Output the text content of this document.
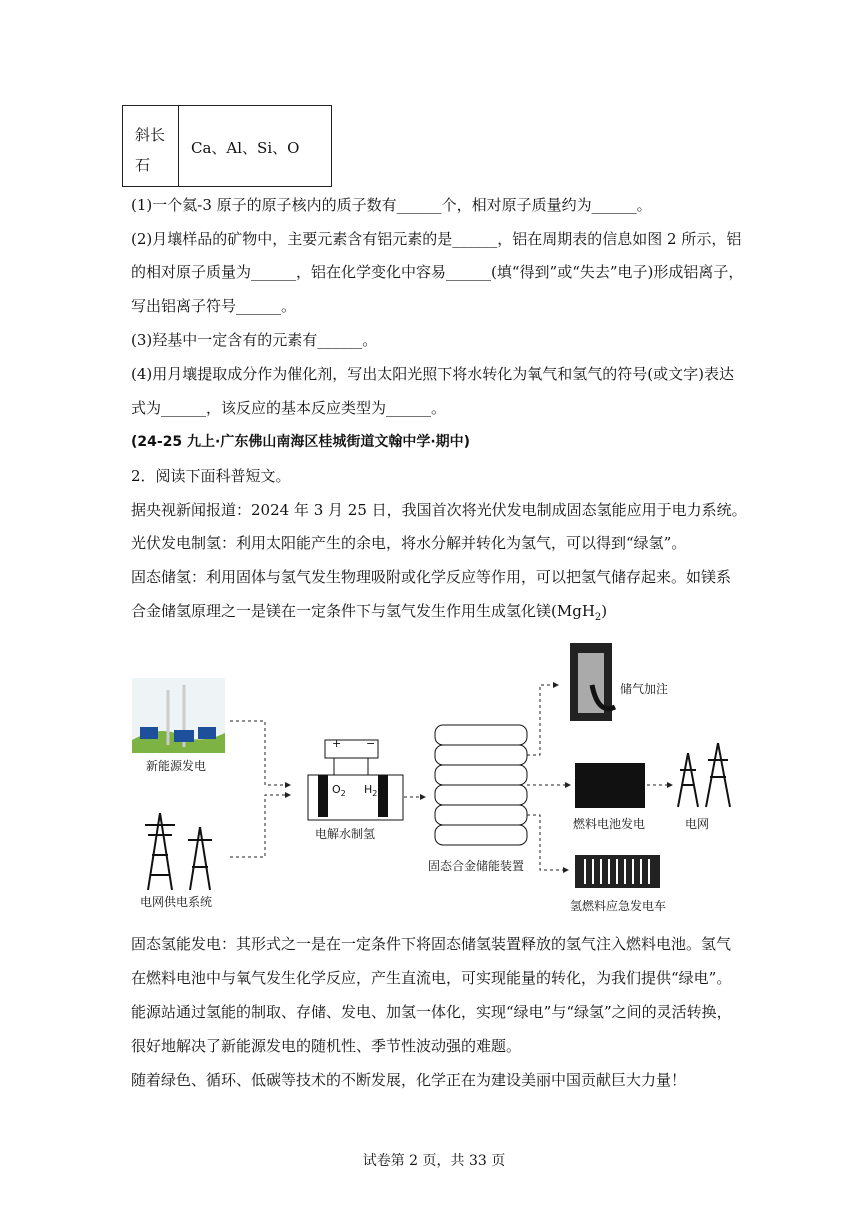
斜长
石
Ca、Al、Si、O
(1)一个氦-3 原子的原子核内的质子数有______个，相对原子质量约为______。
(2)月壤样品的矿物中，主要元素含有铝元素的是______，铝在周期表的信息如图 2 所示，铝
的相对原子质量为______，铝在化学变化中容易______(填“得到”或“失去”电子)形成铝离子，
写出铝离子符号______。
(3)羟基中一定含有的元素有______。
(4)用月壤提取成分作为催化剂，写出太阳光照下将水转化为氧气和氢气的符号(或文字)表达
式为______，该反应的基本反应类型为______。
(24-25 九上·广东佛山南海区桂城街道文翰中学·期中)
2．阅读下面科普短文。
据央视新闻报道：2024 年 3 月 25 日，我国首次将光伏发电制成固态氢能应用于电力系统。
光伏发电制氢：利用太阳能产生的余电，将水分解并转化为氢气，可以得到“绿氢”。
固态储氢：利用固体与氢气发生物理吸附或化学反应等作用，可以把氢气储存起来。如镁系
合金储氢原理之一是镁在一定条件下与氢气发生作用生成氢化镁(MgH$_2$)
+ −
$O_2$ $H_2$
新能源发电
电网供电系统
电解水制氢
固态合金储能装置
储气加注
燃料电池发电	电网
氢燃料应急发电车
固态氢能发电：其形式之一是在一定条件下将固态储氢装置释放的氢气注入燃料电池。氢气
在燃料电池中与氧气发生化学反应，产生直流电，可实现能量的转化，为我们提供“绿电”。
能源站通过氢能的制取、存储、发电、加氢一体化，实现“绿电”与“绿氢”之间的灵活转换，
很好地解决了新能源发电的随机性、季节性波动强的难题。
随着绿色、循环、低碳等技术的不断发展，化学正在为建设美丽中国贡献巨大力量！
试卷第 2 页，共 33 页
